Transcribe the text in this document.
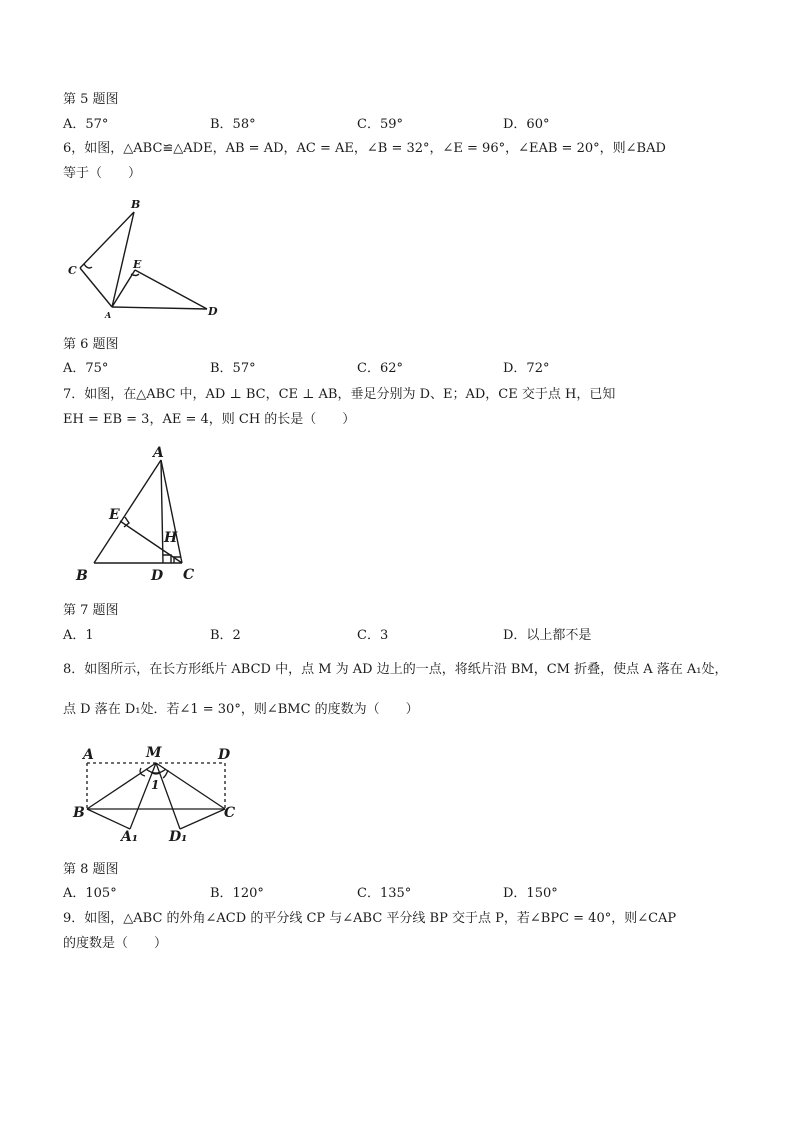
第 5 题图
A．57°	B．58°	C．59°	D．60°
6，如图，△ABC≌△ADE，AB = AD，AC = AE，∠B = 32°，∠E = 96°，∠EAB = 20°，则∠BAD
等于（　　）
B
C	E
A	D
第 6 题图
A．75°	B．57°	C．62°	D．72°
7．如图，在△ABC 中，AD ⊥ BC，CE ⊥ AB，垂足分别为 D、E；AD，CE 交于点 H，已知
EH = EB = 3，AE = 4，则 CH 的长是（　　）
A
E
H
B	D C
第 7 题图
A．1	B．2	C．3	D．以上都不是
8．如图所示，在长方形纸片 ABCD 中，点 M 为 AD 边上的一点，将纸片沿 BM，CM 折叠，使点 A 落在 A₁处，
点 D 落在 D₁处．若∠1 = 30°，则∠BMC 的度数为（　　）
A	M	D
1
B	C
A₁ D₁
第 8 题图
A．105°	B．120°	C．135°	D．150°
9．如图，△ABC 的外角∠ACD 的平分线 CP 与∠ABC 平分线 BP 交于点 P，若∠BPC = 40°，则∠CAP
的度数是（　　）
